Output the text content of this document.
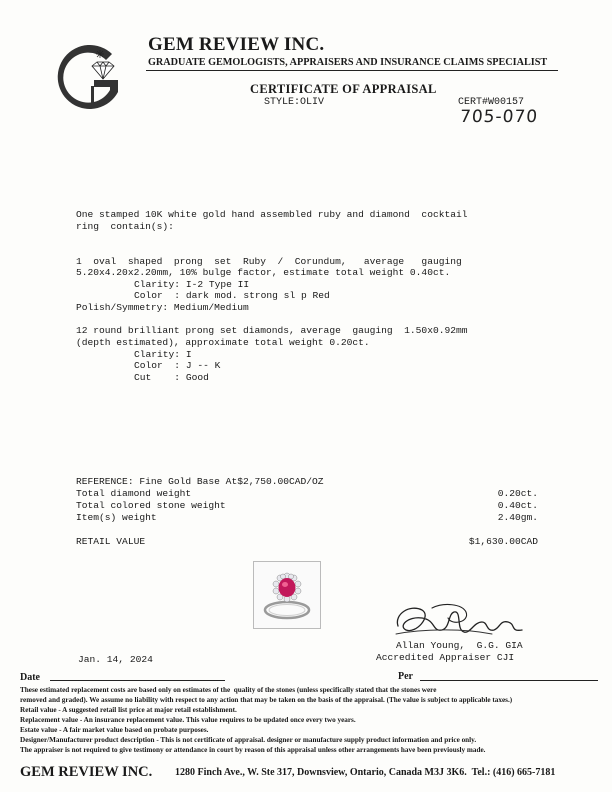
GEM REVIEW INC.
GRADUATE GEMOLOGISTS, APPRAISERS AND INSURANCE CLAIMS SPECIALIST
CERTIFICATE OF APPRAISAL
STYLE:OLIV	CERT#W00157
705-070
One stamped 10K white gold hand assembled ruby and diamond  cocktail
ring  contain(s):
1  oval  shaped  prong  set  Ruby  /  Corundum,   average   gauging
5.20x4.20x2.20mm, 10% bulge factor, estimate total weight 0.40ct.
Clarity: I-2 Type II
Color  : dark mod. strong sl p Red
Polish/Symmetry: Medium/Medium
12 round brilliant prong set diamonds, average  gauging  1.50x0.92mm
(depth estimated), approximate total weight 0.20ct.
Clarity: I
Color  : J -- K
Cut    : Good
REFERENCE: Fine Gold Base At$2,750.00CAD/OZ
Total diamond weight	0.20ct.
Total colored stone weight	0.40ct.
Item(s) weight	2.40gm.
RETAIL VALUE	$1,630.00CAD
Allan Young,  G.G. GIA
Accredited Appraiser CJI
Jan. 14, 2024
Date	Per
These estimated replacement costs are based only on estimates of the  quality of the stones (unless specifically stated that the stones were
removed and graded). We assume no liability with respect to any action that may be taken on the basis of the appraisal. (The value is subject to applicable taxes.)
Retail value - A suggested retail list price at major retail establishment.
Replacement value - An insurance replacement value. This value requires to be updated once every two years.
Estate value - A fair market value based on probate purposes.
Designer/Manufacturer product description - This is not certificate of appraisal. designer or manufacture supply product information and price only.
The appraiser is not required to give testimony or attendance in court by reason of this appraisal unless other arrangements have been previously made.
GEM REVIEW INC. 1280 Finch Ave., W. Ste 317, Downsview, Ontario, Canada M3J 3K6.  Tel.: (416) 665-7181
